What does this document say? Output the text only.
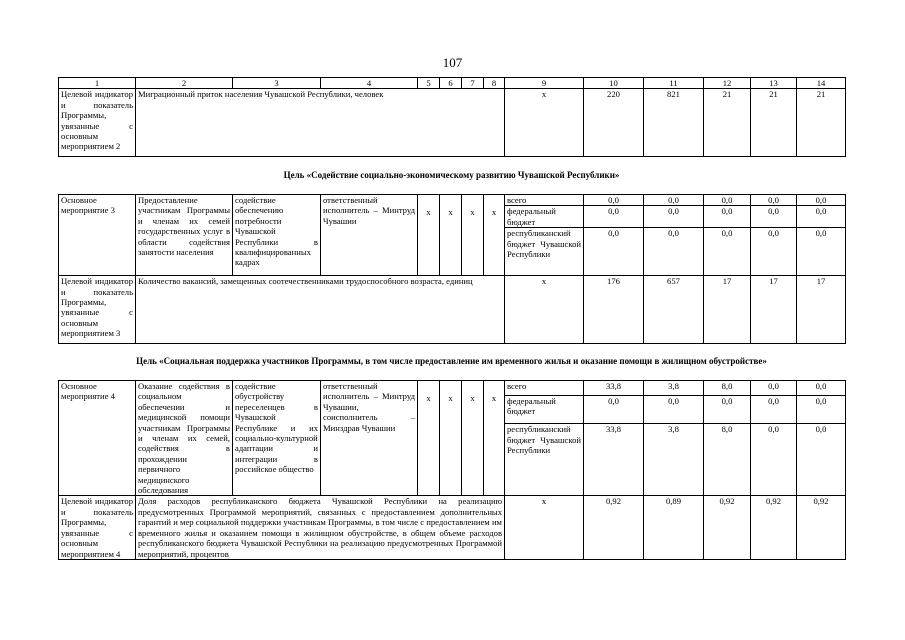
107
1	2	3	4	5	6	7	8	9	10	11	12	13	14
Целевой индикатор и показатель Программы, увязанные с основным мероприятием 2	Миграционный приток населения Чувашской Республики, человек							х	220	821	21	21	21
Цель «Содействие социально-экономическому развитию Чувашской Республики»
Основное мероприятие 3	Предоставление участникам Программы и членам их семей государственных услуг в области содействия занятости населения	содействие обеспечению потребности Чувашской Республики в квалифицированных кадрах	ответственный исполнитель – Минтруд Чувашии	х	х	х	х	всего	0,0	0,0	0,0	0,0	0,0
								федеральный бюджет	0,0	0,0	0,0	0,0	0,0
								республиканский бюджет Чувашской Республики	0,0	0,0	0,0	0,0	0,0
Целевой индикатор и показатель Программы, увязанные с основным мероприятием 3	Количество вакансий, замещенных соотечественниками трудоспособного возраста, единиц							х	176	657	17	17	17
Цель «Социальная поддержка участников Программы, в том числе предоставление им временного жилья и оказание помощи в жилищном обустройстве»
Основное мероприятие 4	Оказание содействия в социальном обеспечении и медицинской помощи участникам Программы и членам их семей, содействия в прохождении первичного медицинского обследования	содействие обустройству переселенцев в Чувашской Республике и их социально-культурной адаптации и интеграции в российское общество	ответственный исполнитель – Минтруд Чувашии, соисполнитель – Минздрав Чувашии	х	х	х	х	всего	33,8	3,8	8,0	0,0	0,0
								федеральный бюджет	0,0	0,0	0,0	0,0	0,0
								республиканский бюджет Чувашской Республики	33,8	3,8	8,0	0,0	0,0
Целевой индикатор и показатель Программы, увязанные с основным мероприятием 4	Доля расходов республиканского бюджета Чувашской Республики на реализацию предусмотренных Программой мероприятий, связанных с предоставлением дополнительных гарантий и мер социальной поддержки участникам Программы, в том числе с предоставлением им временного жилья и оказанием помощи в жилищном обустройстве, в общем объеме расходов республиканского бюджета Чувашской Республики на реализацию предусмотренных Программой мероприятий, процентов							х	0,92	0,89	0,92	0,92	0,92
